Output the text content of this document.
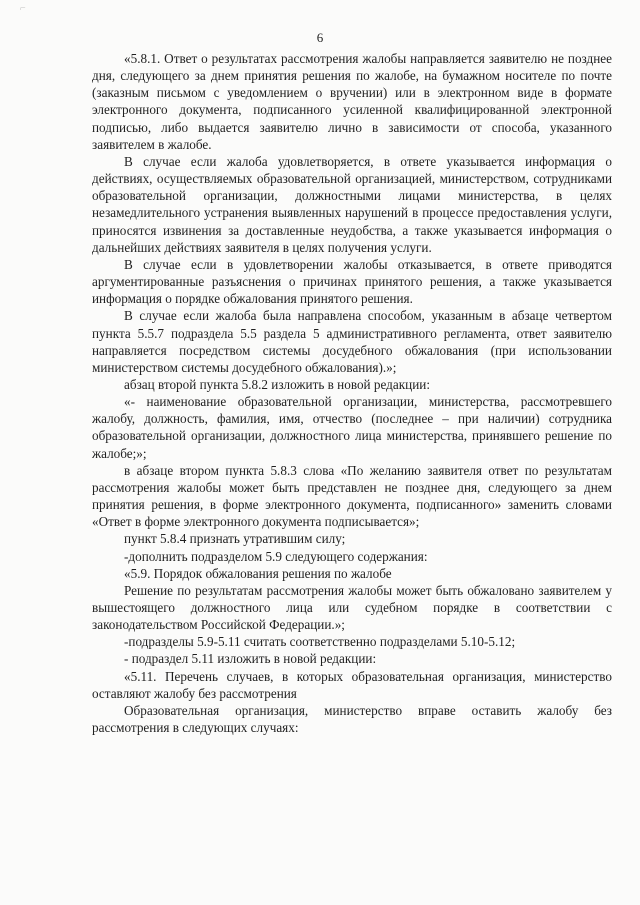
⌐
6

«5.8.1. Ответ о результатах рассмотрения жалобы направляется заявителю не позднее дня, следующего за днем принятия решения по жалобе, на бумажном носителе по почте (заказным письмом с уведомлением о вручении) или в электронном виде в формате электронного документа, подписанного усиленной квалифицированной электронной подписью, либо выдается заявителю лично в зависимости от способа, указанного заявителем в жалобе.

В случае если жалоба удовлетворяется, в ответе указывается информация о действиях, осуществляемых образовательной организацией, министерством, сотрудниками образовательной организации, должностными лицами министерства, в целях незамедлительного устранения выявленных нарушений в процессе предоставления услуги, приносятся извинения за доставленные неудобства, а также указывается информация о дальнейших действиях заявителя в целях получения услуги.

В случае если в удовлетворении жалобы отказывается, в ответе приводятся аргументированные разъяснения о причинах принятого решения, а также указывается информация о порядке обжалования принятого решения.

В случае если жалоба была направлена способом, указанным в абзаце четвертом пункта 5.5.7 подраздела 5.5 раздела 5 административного регламента, ответ заявителю направляется посредством системы досудебного обжалования (при использовании министерством системы досудебного обжалования).»;

абзац второй пункта 5.8.2 изложить в новой редакции:

«- наименование образовательной организации, министерства, рассмотревшего жалобу, должность, фамилия, имя, отчество (последнее – при наличии) сотрудника образовательной организации, должностного лица министерства, принявшего решение по жалобе;»;

в абзаце втором пункта 5.8.3 слова «По желанию заявителя ответ по результатам рассмотрения жалобы может быть представлен не позднее дня, следующего за днем принятия решения, в форме электронного документа, подписанного» заменить словами «Ответ в форме электронного документа подписывается»;

пункт 5.8.4 признать утратившим силу;

-дополнить подразделом 5.9 следующего содержания:

«5.9. Порядок обжалования решения по жалобе

Решение по результатам рассмотрения жалобы может быть обжаловано заявителем у вышестоящего должностного лица или судебном порядке в соответствии с законодательством Российской Федерации.»;

-подразделы 5.9-5.11 считать соответственно подразделами 5.10-5.12;

- подраздел 5.11 изложить в новой редакции:

«5.11. Перечень случаев, в которых образовательная организация, министерство оставляют жалобу без рассмотрения

Образовательная организация, министерство вправе оставить жалобу без рассмотрения в следующих случаях:
